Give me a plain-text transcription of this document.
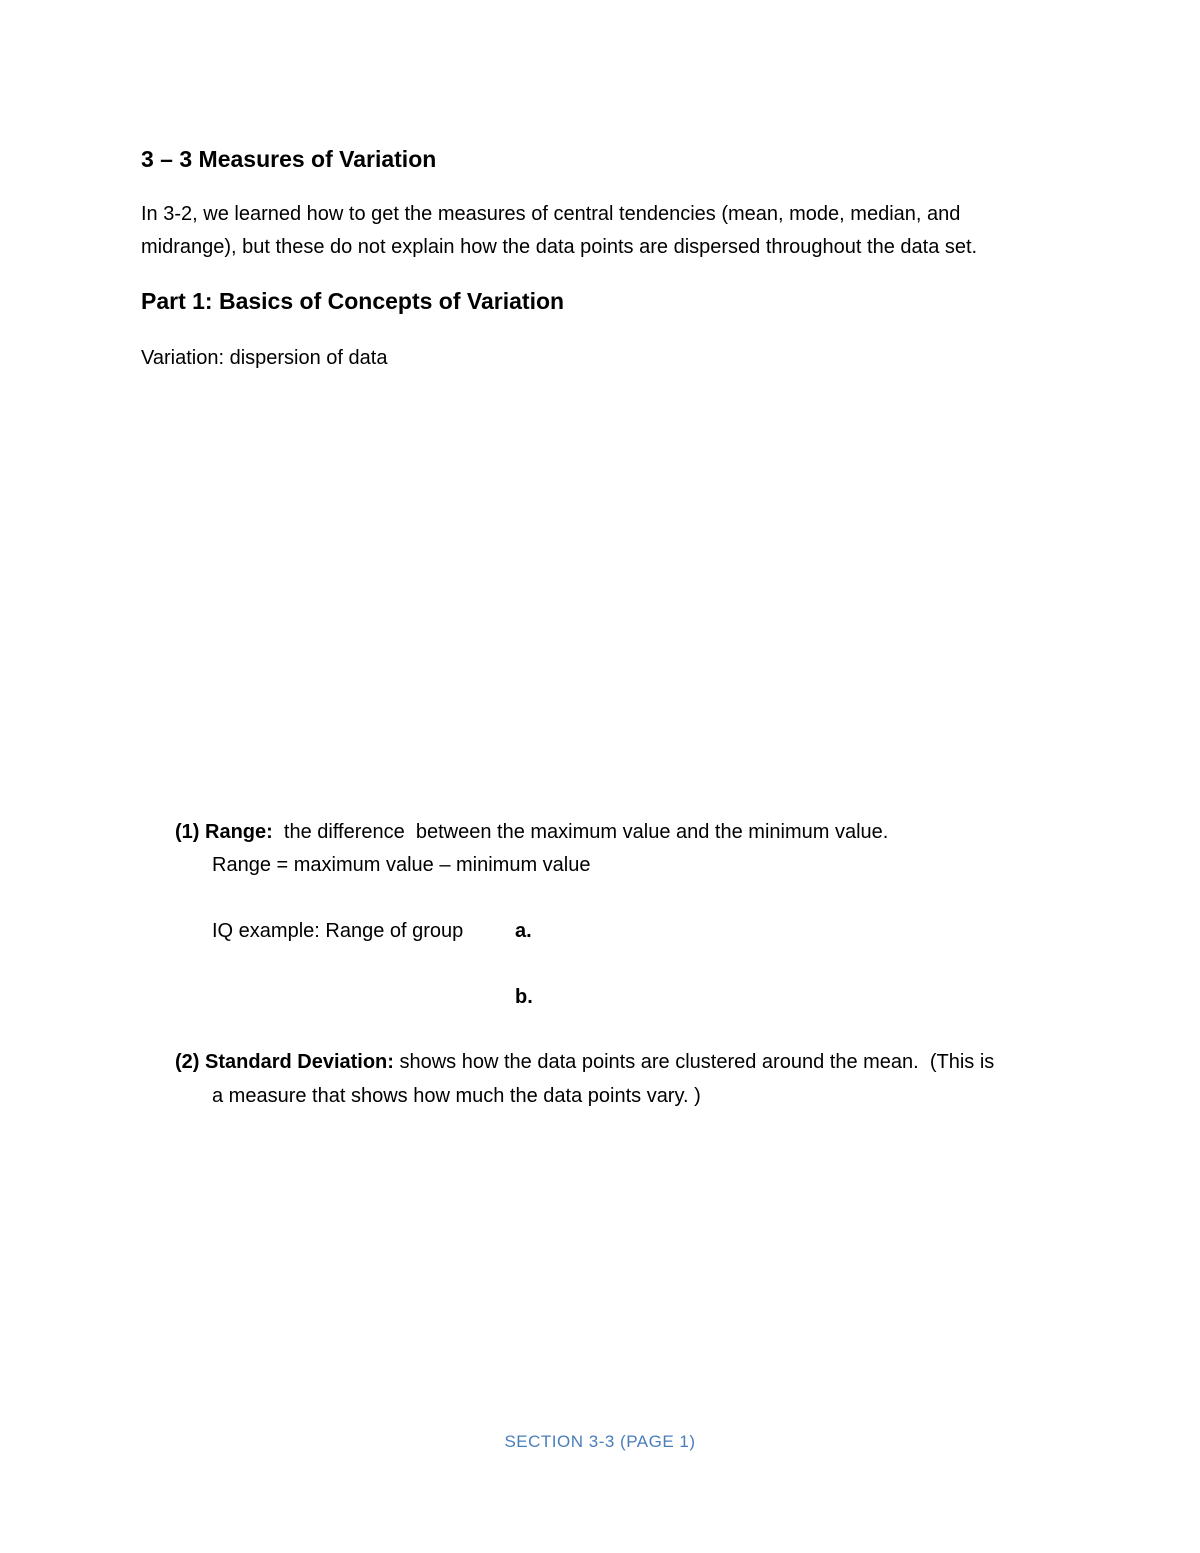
3 – 3 Measures of Variation
In 3-2, we learned how to get the measures of central tendencies (mean, mode, median, and
midrange), but these do not explain how the data points are dispersed throughout the data set.
Part 1: Basics of Concepts of Variation
Variation: dispersion of data
(1) Range:  the difference  between the maximum value and the minimum value.
Range = maximum value – minimum value
IQ example: Range of group	a.
b.
(2) Standard Deviation: shows how the data points are clustered around the mean.  (This is
a measure that shows how much the data points vary. )
SECTION 3-3 (PAGE 1)
